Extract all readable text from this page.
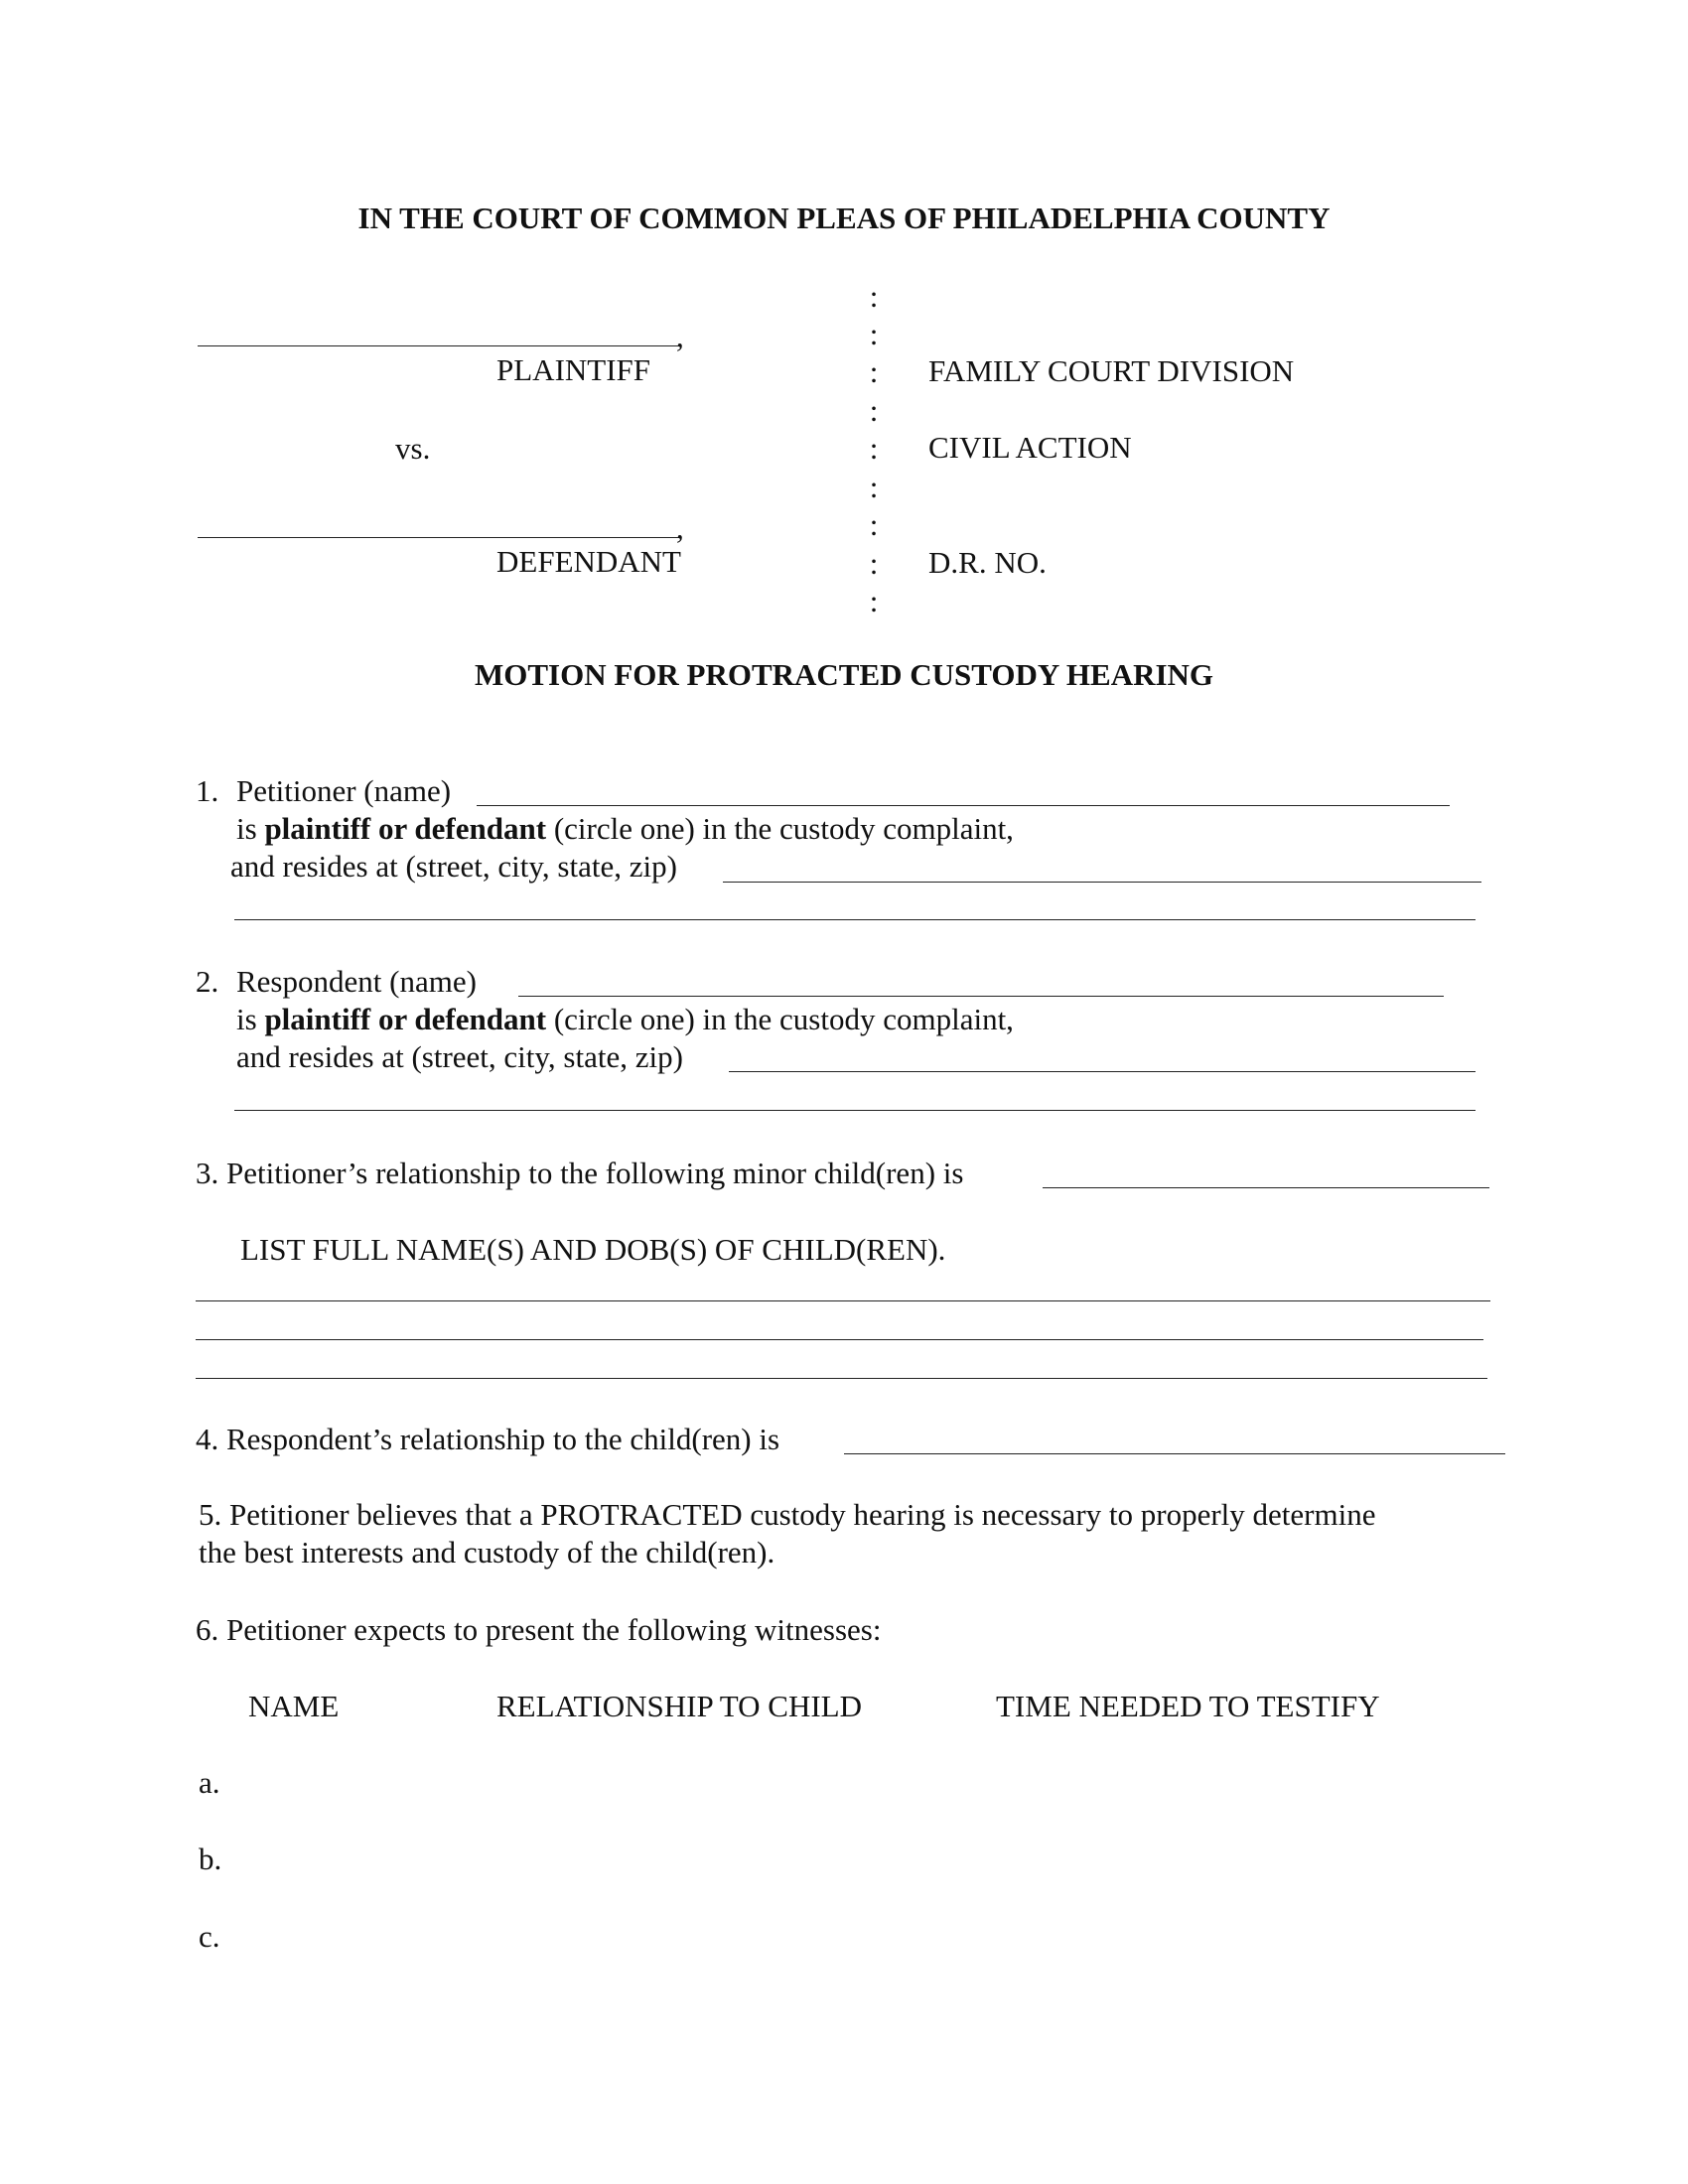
IN THE COURT OF COMMON PLEAS OF PHILADELPHIA COUNTY
,
PLAINTIFF
vs.
,
DEFENDANT
:
:
:
:
:
:
:
:
:
FAMILY COURT DIVISION
CIVIL ACTION
D.R. NO.
MOTION FOR PROTRACTED CUSTODY HEARING
1. Petitioner (name)
is plaintiff or defendant (circle one) in the custody complaint,
and resides at (street, city, state, zip)
2. Respondent (name)
is plaintiff or defendant (circle one) in the custody complaint,
and resides at (street, city, state, zip)
3. Petitioner’s relationship to the following minor child(ren) is
LIST FULL NAME(S) AND DOB(S) OF CHILD(REN).
4. Respondent’s relationship to the child(ren) is
5. Petitioner believes that a PROTRACTED custody hearing is necessary to properly determine
the best interests and custody of the child(ren).
6. Petitioner expects to present the following witnesses:
NAME	RELATIONSHIP TO CHILD	TIME NEEDED TO TESTIFY
a.
b.
c.
